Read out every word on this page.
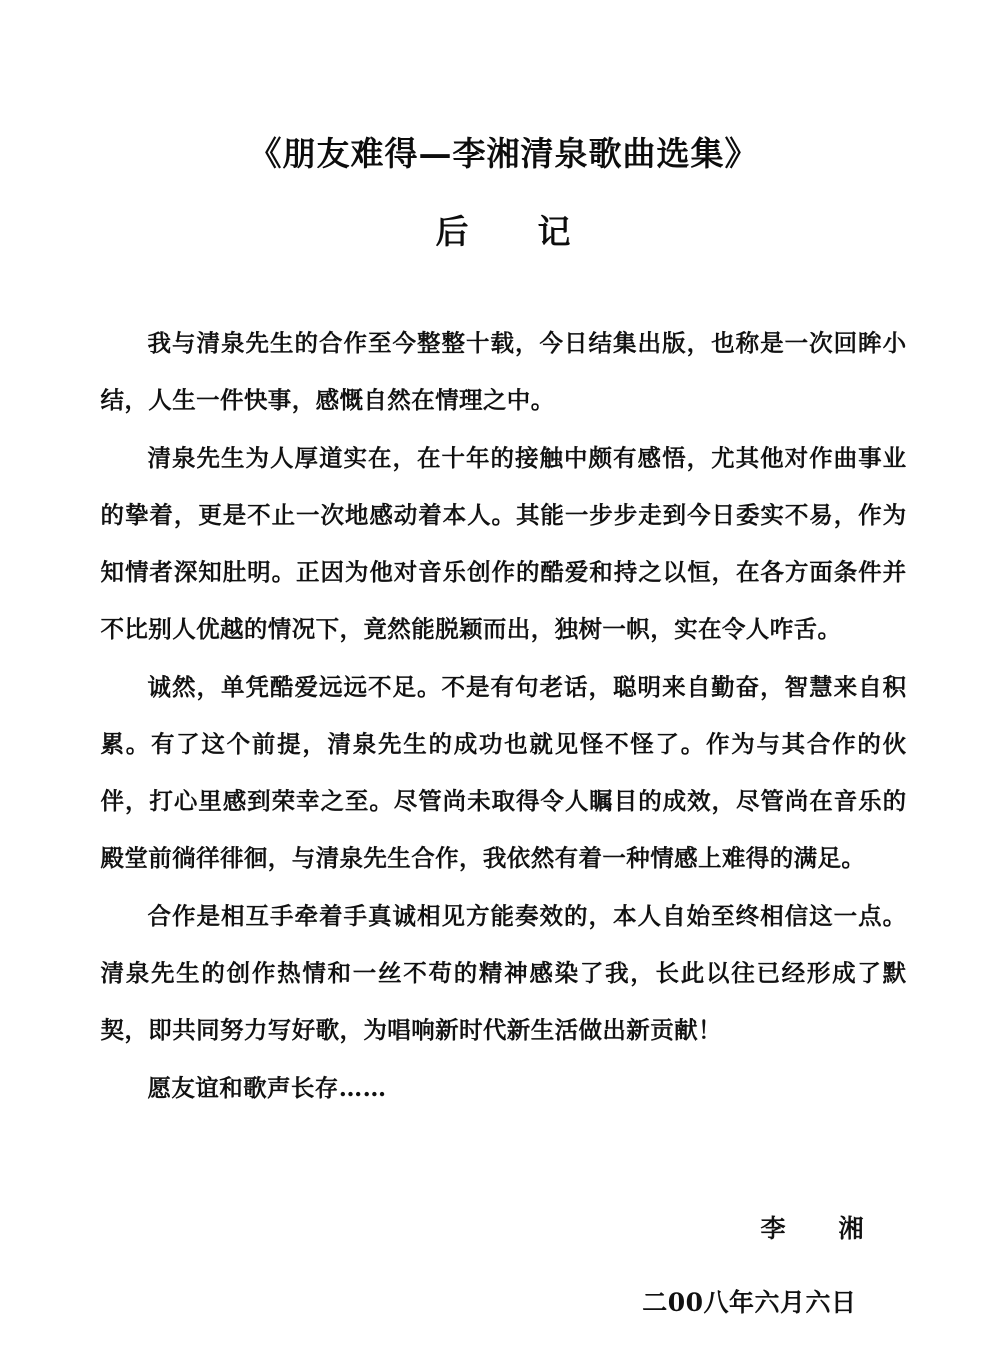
《朋友难得—李湘清泉歌曲选集》
后　　记

我与清泉先生的合作至今整整十载，今日结集出版，也称是一次回眸小结，人生一件快事，感慨自然在情理之中。

清泉先生为人厚道实在，在十年的接触中颇有感悟，尤其他对作曲事业的挚着，更是不止一次地感动着本人。其能一步步走到今日委实不易，作为知情者深知肚明。正因为他对音乐创作的酷爱和持之以恒，在各方面条件并不比别人优越的情况下，竟然能脱颖而出，独树一帜，实在令人咋舌。

诚然，单凭酷爱远远不足。不是有句老话，聪明来自勤奋，智慧来自积累。有了这个前提，清泉先生的成功也就见怪不怪了。作为与其合作的伙伴，打心里感到荣幸之至。尽管尚未取得令人瞩目的成效，尽管尚在音乐的殿堂前徜徉徘徊，与清泉先生合作，我依然有着一种情感上难得的满足。

合作是相互手牵着手真诚相见方能奏效的，本人自始至终相信这一点。清泉先生的创作热情和一丝不苟的精神感染了我，长此以往已经形成了默契，即共同努力写好歌，为唱响新时代新生活做出新贡献！

愿友谊和歌声长存……

李　　湘
二00八年六月六日
